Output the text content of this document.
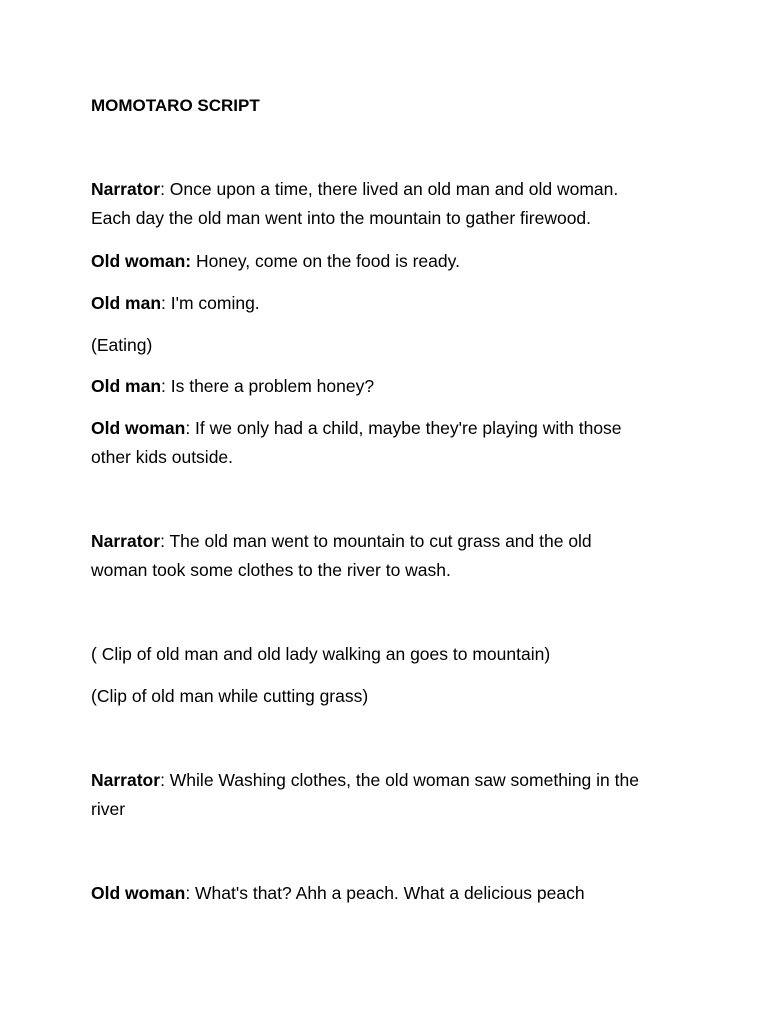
MOMOTARO SCRIPT

Narrator: Once upon a time, there lived an old man and old woman.
Each day the old man went into the mountain to gather firewood.

Old woman: Honey, come on the food is ready.

Old man: I'm coming.

(Eating)

Old man: Is there a problem honey?

Old woman: If we only had a child, maybe they're playing with those
other kids outside.

Narrator: The old man went to mountain to cut grass and the old
woman took some clothes to the river to wash.

( Clip of old man and old lady walking an goes to mountain)

(Clip of old man while cutting grass)

Narrator: While Washing clothes, the old woman saw something in the
river

Old woman: What's that? Ahh a peach. What a delicious peach
